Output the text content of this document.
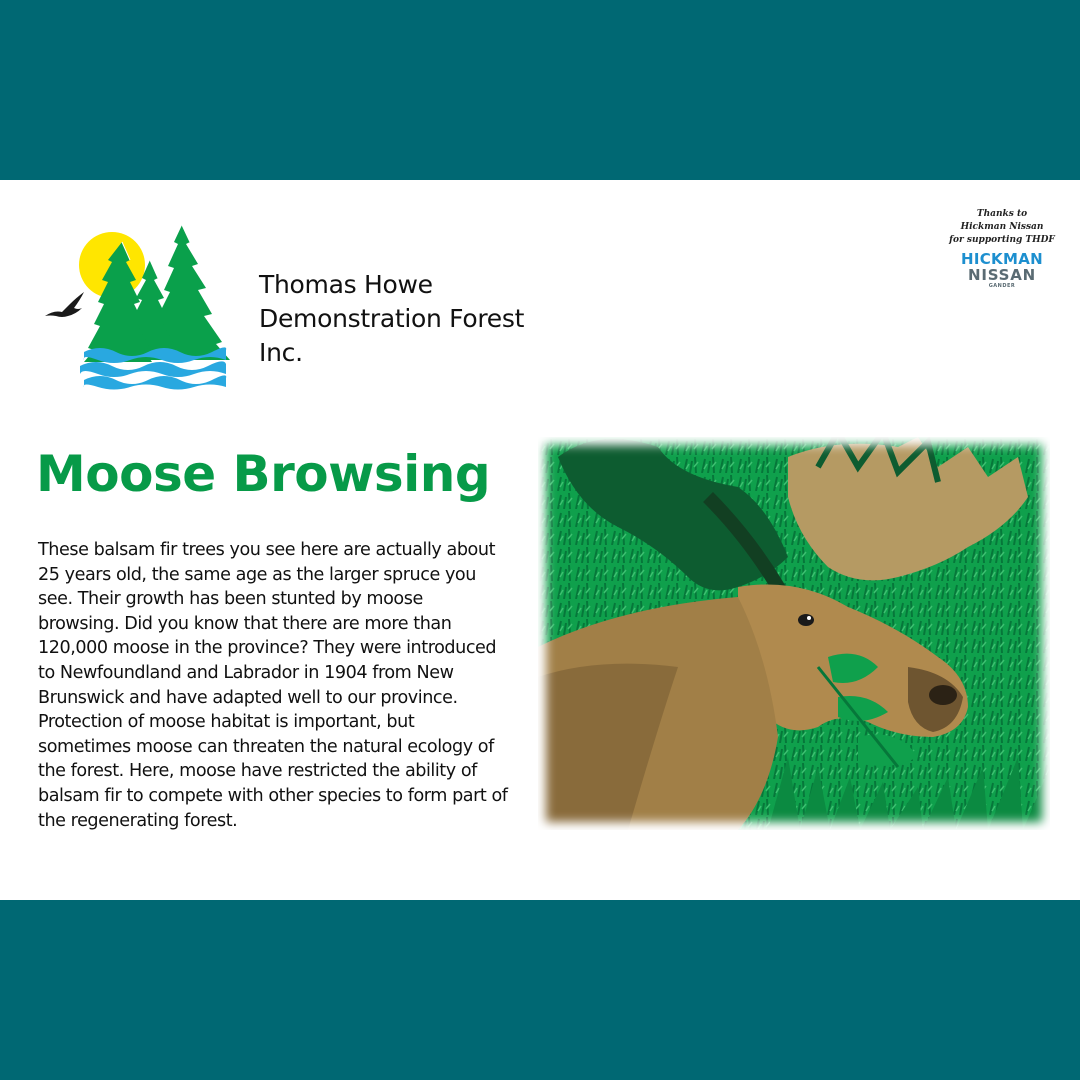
Thomas Howe
Demonstration Forest
Inc.
Thanks to
Hickman Nissan
for supporting THDF
HICKMAN
NISSAN
GANDER
Moose Browsing
These balsam fir trees you see here are actually about 25 years old, the same age as the larger spruce you see. Their growth has been stunted by moose browsing. Did you know that there are more than 120,000 moose in the province? They were introduced to Newfoundland and Labrador in 1904 from New Brunswick and have adapted well to our province. Protection of moose habitat is important, but sometimes moose can threaten the natural ecology of the forest. Here, moose have restricted the ability of balsam fir to compete with other species to form part of the regenerating forest.
